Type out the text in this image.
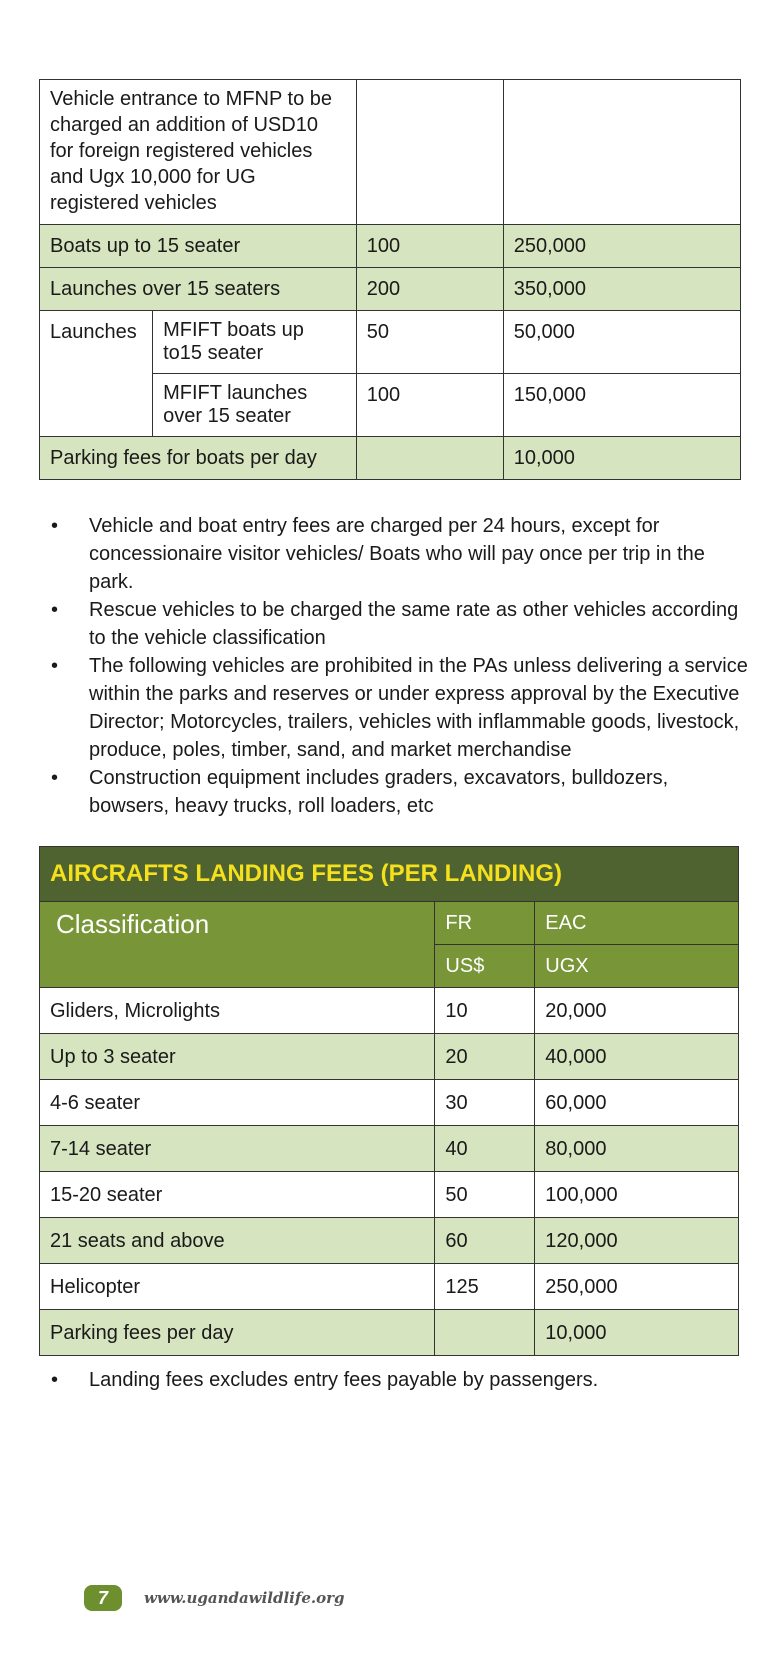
Vehicle entrance to MFNP to be charged an addition of USD10 for foreign registered vehicles and Ugx 10,000 for UG registered vehicles			
Boats up to 15 seater		100	250,000
Launches over 15 seaters		200	350,000
Launches	MFIFT boats up to15 seater	50	50,000
	MFIFT launches over 15 seater	100	150,000
Parking fees for boats per day			10,000
• Vehicle and boat entry fees are charged per 24 hours, except for concessionaire visitor vehicles/ Boats who will pay once per trip in the park.
• Rescue vehicles to be charged the same rate as other vehicles according to the vehicle classification
• The following vehicles are prohibited in the PAs unless delivering a service within the parks and reserves or under express approval by the Executive Director; Motorcycles, trailers, vehicles with inflammable goods, livestock, produce, poles, timber, sand, and market merchandise
• Construction equipment includes graders, excavators, bulldozers, bowsers, heavy trucks, roll loaders, etc
AIRCRAFTS LANDING FEES (PER LANDING)		
Classification	FR	EAC
	US$	UGX
Gliders, Microlights	10	20,000
Up to 3 seater	20	40,000
4-6 seater	30	60,000
7-14 seater	40	80,000
15-20 seater	50	100,000
21 seats and above	60	120,000
Helicopter	125	250,000
Parking fees per day		10,000
• Landing fees excludes entry fees payable by passengers.
7	www.ugandawildlife.org
